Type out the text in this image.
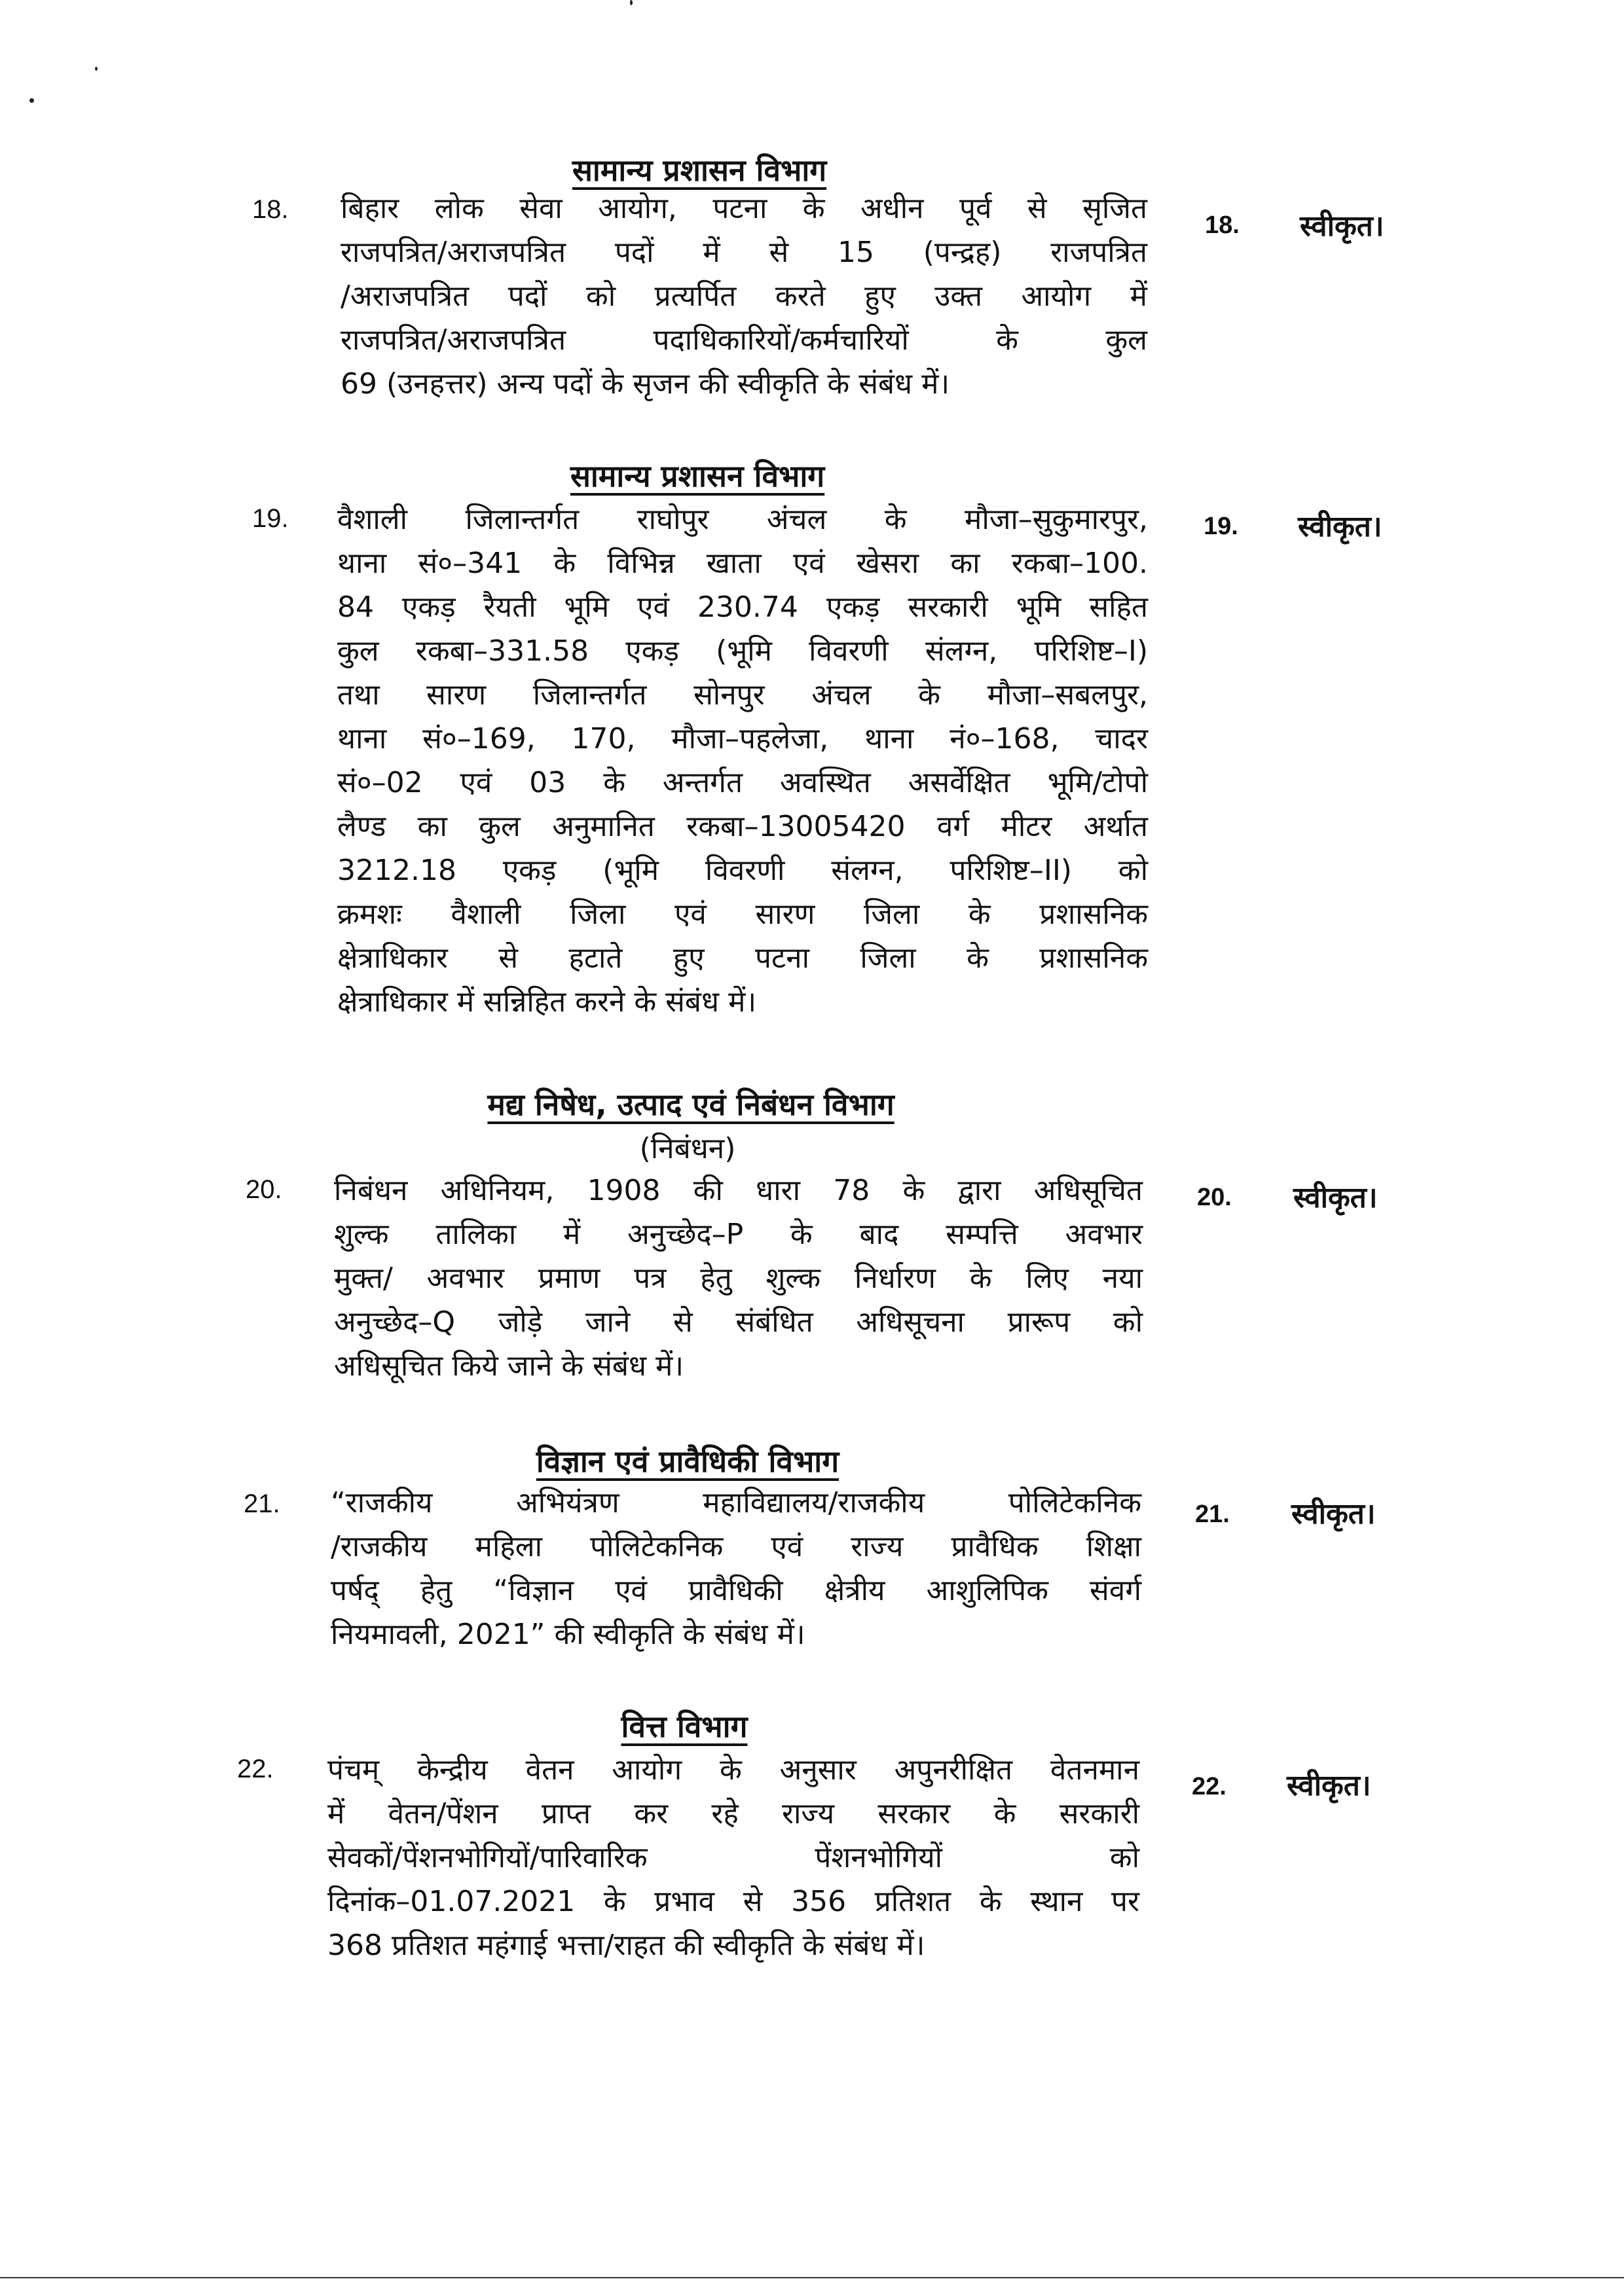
सामान्य प्रशासन विभाग
18. बिहार लोक सेवा आयोग, पटना के अधीन पूर्व से सृजित
राजपत्रित/अराजपत्रित पदों में से 15 (पन्द्रह) राजपत्रित
/अराजपत्रित पदों को प्रत्यर्पित करते हुए उक्त आयोग में
राजपत्रित/अराजपत्रित पदाधिकारियों/कर्मचारियों के कुल
69 (उनहत्तर) अन्य पदों के सृजन की स्वीकृति के संबंध में।
18. स्वीकृत।
सामान्य प्रशासन विभाग
19. वैशाली जिलान्तर्गत राघोपुर अंचल के मौजा–सुकुमारपुर,
थाना सं०–341 के विभिन्न खाता एवं खेसरा का रकबा–100.
84 एकड़ रैयती भूमि एवं 230.74 एकड़ सरकारी भूमि सहित
कुल रकबा–331.58 एकड़ (भूमि विवरणी संलग्न, परिशिष्ट–I)
तथा सारण जिलान्तर्गत सोनपुर अंचल के मौजा–सबलपुर,
थाना सं०–169, 170, मौजा–पहलेजा, थाना नं०–168, चादर
सं०–02 एवं 03 के अन्तर्गत अवस्थित असर्वेक्षित भूमि/टोपो
लैण्ड का कुल अनुमानित रकबा–13005420 वर्ग मीटर अर्थात
3212.18 एकड़ (भूमि विवरणी संलग्न, परिशिष्ट–II) को
क्रमशः वैशाली जिला एवं सारण जिला के प्रशासनिक
क्षेत्राधिकार से हटाते हुए पटना जिला के प्रशासनिक
क्षेत्राधिकार में सन्निहित करने के संबंध में।
19. स्वीकृत।
मद्य निषेध, उत्पाद एवं निबंधन विभाग
(निबंधन)
20. निबंधन अधिनियम, 1908 की धारा 78 के द्वारा अधिसूचित
शुल्क तालिका में अनुच्छेद–P के बाद सम्पत्ति अवभार
मुक्त/ अवभार प्रमाण पत्र हेतु शुल्क निर्धारण के लिए नया
अनुच्छेद–Q जोड़े जाने से संबंधित अधिसूचना प्रारूप को
अधिसूचित किये जाने के संबंध में।
20. स्वीकृत।
विज्ञान एवं प्रावैधिकी विभाग
21. “राजकीय अभियंत्रण महाविद्यालय/राजकीय पोलिटेकनिक
/राजकीय महिला पोलिटेकनिक एवं राज्य प्रावैधिक शिक्षा
पर्षद् हेतु “विज्ञान एवं प्रावैधिकी क्षेत्रीय आशुलिपिक संवर्ग
नियमावली, 2021” की स्वीकृति के संबंध में।
21. स्वीकृत।
वित्त विभाग
22. पंचम् केन्द्रीय वेतन आयोग के अनुसार अपुनरीक्षित वेतनमान
में वेतन/पेंशन प्राप्त कर रहे राज्य सरकार के सरकारी
सेवकों/पेंशनभोगियों/पारिवारिक पेंशनभोगियों को
दिनांक–01.07.2021 के प्रभाव से 356 प्रतिशत के स्थान पर
368 प्रतिशत महंगाई भत्ता/राहत की स्वीकृति के संबंध में।
22. स्वीकृत।
